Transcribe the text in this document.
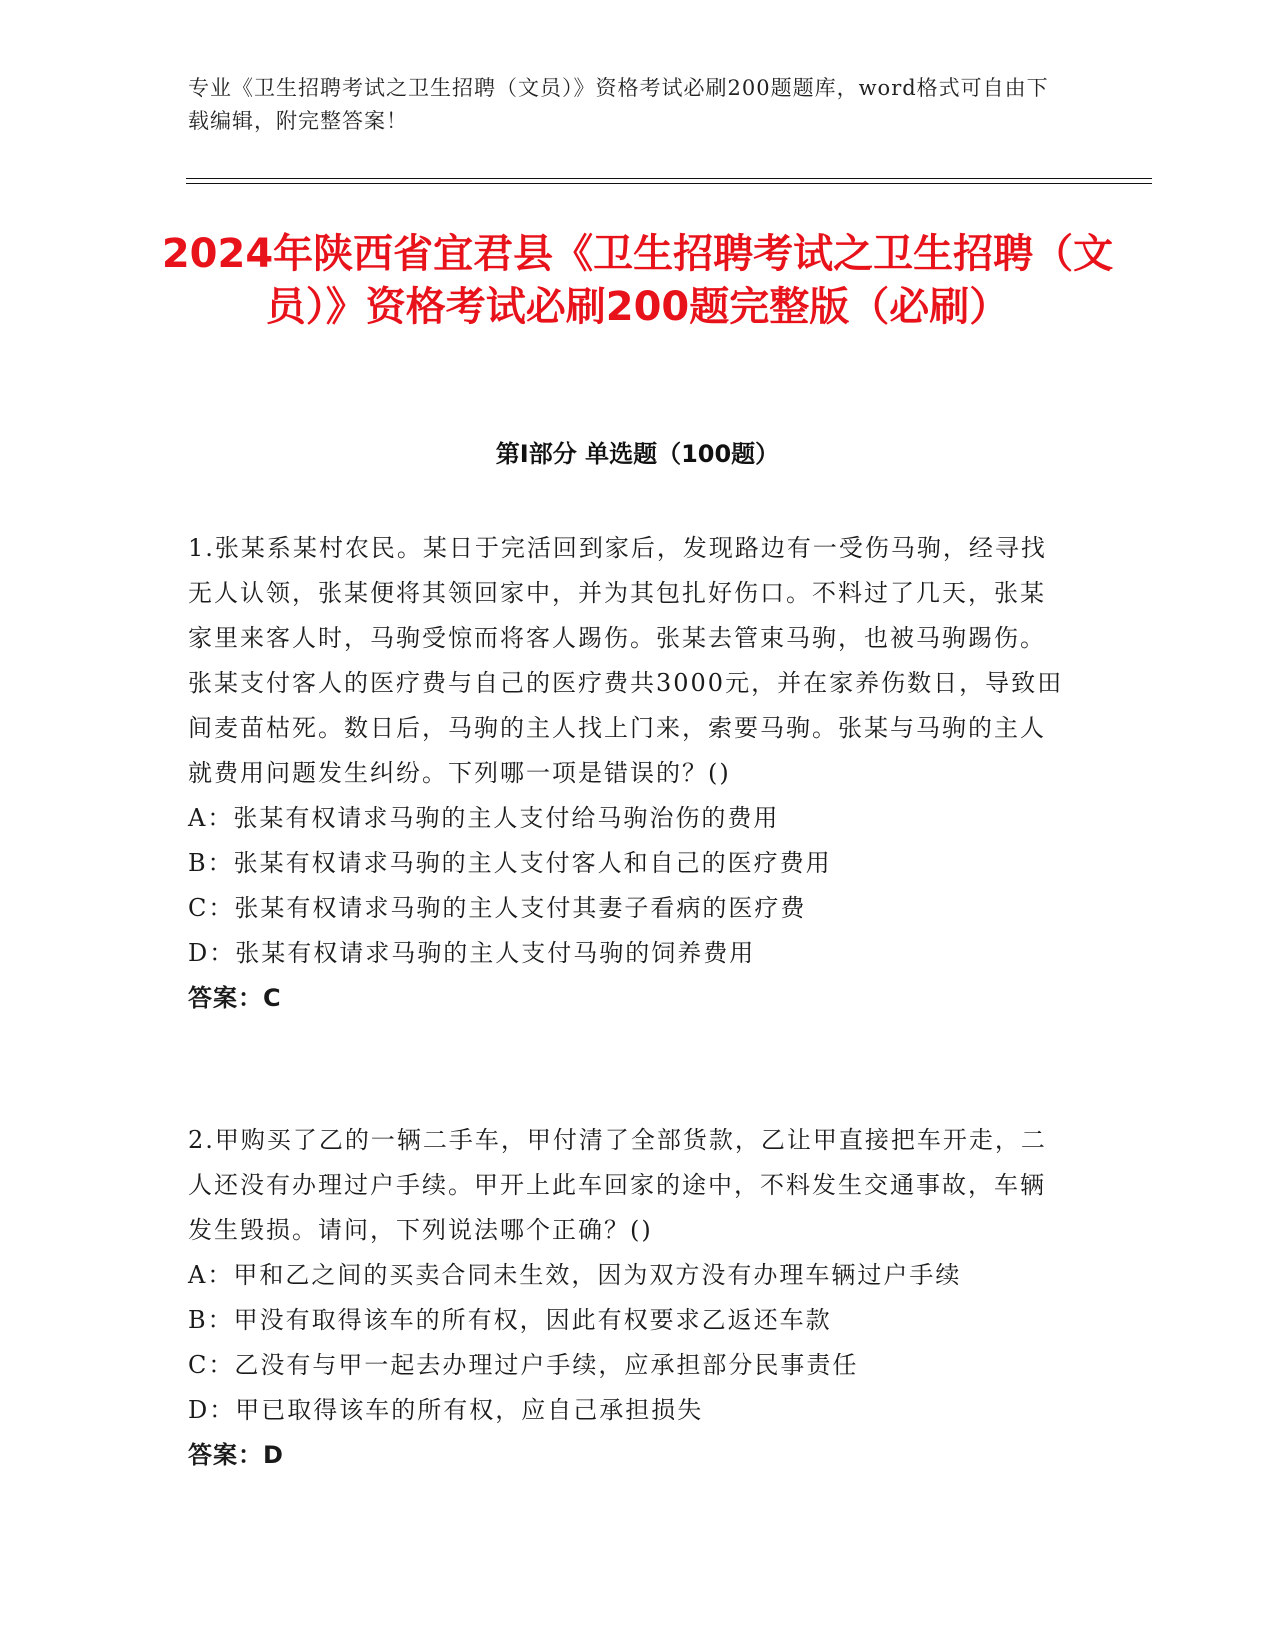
专业《卫生招聘考试之卫生招聘（文员）》资格考试必刷200题题库，word格式可自由下载编辑，附完整答案！
2024年陕西省宜君县《卫生招聘考试之卫生招聘（文员）》资格考试必刷200题完整版（必刷）
第I部分 单选题（100题）

1.张某系某村农民。某日于完活回到家后，发现路边有一受伤马驹，经寻找无人认领，张某便将其领回家中，并为其包扎好伤口。不料过了几天，张某家里来客人时，马驹受惊而将客人踢伤。张某去管束马驹，也被马驹踢伤。张某支付客人的医疗费与自己的医疗费共3000元，并在家养伤数日，导致田间麦苗枯死。数日后，马驹的主人找上门来，索要马驹。张某与马驹的主人就费用问题发生纠纷。下列哪一项是错误的？()

A：张某有权请求马驹的主人支付给马驹治伤的费用

B：张某有权请求马驹的主人支付客人和自己的医疗费用

C：张某有权请求马驹的主人支付其妻子看病的医疗费

D：张某有权请求马驹的主人支付马驹的饲养费用

答案：C

2.甲购买了乙的一辆二手车，甲付清了全部货款，乙让甲直接把车开走，二人还没有办理过户手续。甲开上此车回家的途中，不料发生交通事故，车辆发生毁损。请问，下列说法哪个正确？()

A：甲和乙之间的买卖合同未生效，因为双方没有办理车辆过户手续

B：甲没有取得该车的所有权，因此有权要求乙返还车款

C：乙没有与甲一起去办理过户手续，应承担部分民事责任

D：甲已取得该车的所有权，应自己承担损失

答案：D
